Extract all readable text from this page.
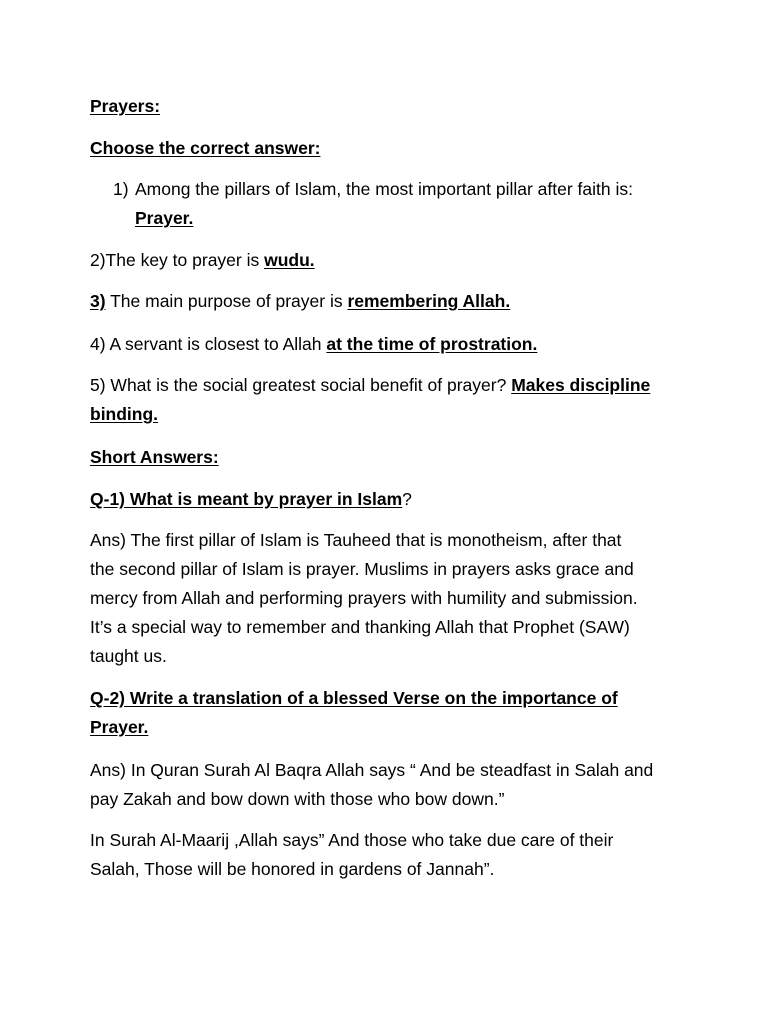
Prayers:
Choose the correct answer:
1) Among the pillars of Islam, the most important pillar after faith is:
Prayer.
2)The key to prayer is wudu.
3) The main purpose of prayer is remembering Allah.
4) A servant is closest to Allah at the time of prostration.
5) What is the social greatest social benefit of prayer? Makes discipline
binding.
Short Answers:
Q-1) What is meant by prayer in Islam?
Ans) The first pillar of Islam is Tauheed that is monotheism, after that
the second pillar of Islam is prayer. Muslims in prayers asks grace and
mercy from Allah and performing prayers with humility and submission.
It’s a special way to remember and thanking Allah that Prophet (SAW)
taught us.
Q-2) Write a translation of a blessed Verse on the importance of
Prayer.
Ans) In Quran Surah Al Baqra Allah says “ And be steadfast in Salah and
pay Zakah and bow down with those who bow down.”
In Surah Al-Maarij ,Allah says” And those who take due care of their
Salah, Those will be honored in gardens of Jannah”.
